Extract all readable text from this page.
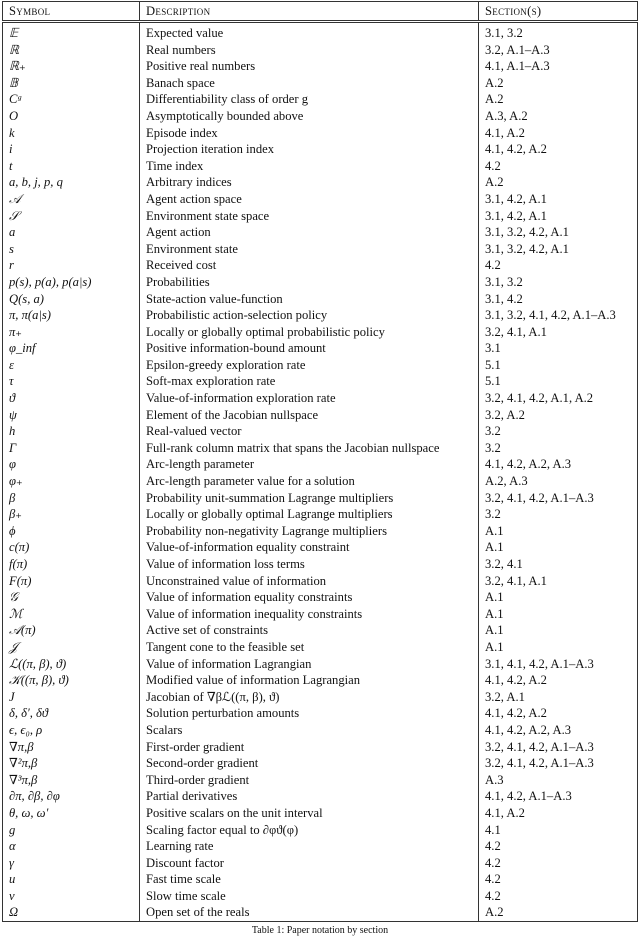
Symbol	Description	Section(s)
𝔼	Expected value	3.1, 3.2
ℝ	Real numbers	3.2, A.1–A.3
ℝ₊	Positive real numbers	4.1, A.1–A.3
𝔹	Banach space	A.2
Cᵍ	Differentiability class of order g	A.2
O	Asymptotically bounded above	A.3, A.2
k	Episode index	4.1, A.2
i	Projection iteration index	4.1, 4.2, A.2
t	Time index	4.2
a, b, j, p, q	Arbitrary indices	A.2
𝒜	Agent action space	3.1, 4.2, A.1
𝒮	Environment state space	3.1, 4.2, A.1
a	Agent action	3.1, 3.2, 4.2, A.1
s	Environment state	3.1, 3.2, 4.2, A.1
r	Received cost	4.2
p(s), p(a), p(a|s)	Probabilities	3.1, 3.2
Q(s, a)	State-action value-function	3.1, 4.2
π, π(a|s)	Probabilistic action-selection policy	3.1, 3.2, 4.1, 4.2, A.1–A.3
π₊	Locally or globally optimal probabilistic policy	3.2, 4.1, A.1
φ_inf	Positive information-bound amount	3.1
ε	Epsilon-greedy exploration rate	5.1
τ	Soft-max exploration rate	5.1
ϑ	Value-of-information exploration rate	3.2, 4.1, 4.2, A.1, A.2
ψ	Element of the Jacobian nullspace	3.2, A.2
h	Real-valued vector	3.2
Γ	Full-rank column matrix that spans the Jacobian nullspace	3.2
φ	Arc-length parameter	4.1, 4.2, A.2, A.3
φ₊	Arc-length parameter value for a solution	A.2, A.3
β	Probability unit-summation Lagrange multipliers	3.2, 4.1, 4.2, A.1–A.3
β₊	Locally or globally optimal Lagrange multipliers	3.2
ϕ	Probability non-negativity Lagrange multipliers	A.1
c(π)	Value-of-information equality constraint	A.1
f(π)	Value of information loss terms	3.2, 4.1
F(π)	Unconstrained value of information	3.2, 4.1, A.1
𝒢	Value of information equality constraints	A.1
ℳ	Value of information inequality constraints	A.1
𝒜(π)	Active set of constraints	A.1
𝒥	Tangent cone to the feasible set	A.1
ℒ((π, β), ϑ)	Value of information Lagrangian	3.1, 4.1, 4.2, A.1–A.3
𝒦((π, β), ϑ)	Modified value of information Lagrangian	4.1, 4.2, A.2
J	Jacobian of ∇βℒ((π, β), ϑ)	3.2, A.1
δ, δ′, δϑ	Solution perturbation amounts	4.1, 4.2, A.2
ϵ, ϵ₀, ρ	Scalars	4.1, 4.2, A.2, A.3
∇π,β	First-order gradient	3.2, 4.1, 4.2, A.1–A.3
∇²π,β	Second-order gradient	3.2, 4.1, 4.2, A.1–A.3
∇³π,β	Third-order gradient	A.3
∂π, ∂β, ∂φ	Partial derivatives	4.1, 4.2, A.1–A.3
θ, ω, ω′	Positive scalars on the unit interval	4.1, A.2
g	Scaling factor equal to ∂φϑ(φ)	4.1
α	Learning rate	4.2
γ	Discount factor	4.2
u	Fast time scale	4.2
v	Slow time scale	4.2
Ω	Open set of the reals	A.2
Table 1: Paper notation by section
